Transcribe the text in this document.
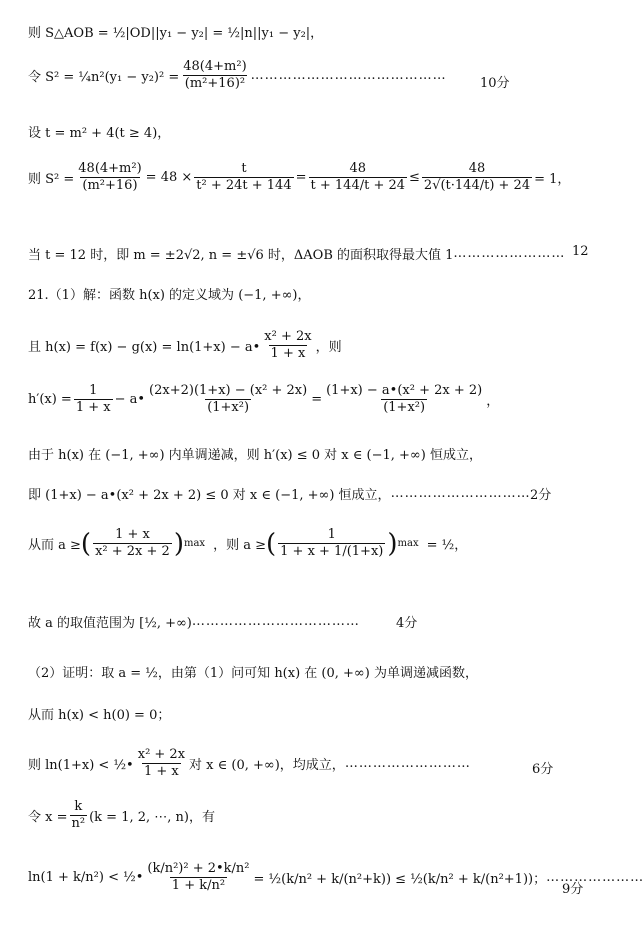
则 S△AOB = ½|OD||y₁ − y₂| = ½|n||y₁ − y₂|，
令 S² = ¼n²(y₁ − $y_2)^2 = \frac{\text{48(4+m²)}}{\text{(m²+16)²}}$ ……………………………………
10分
设 t = m² + 4(t ≥ 4)，
则 $S^2 = \frac{\text{48(4+m²)}}{\text{(m²+16)}} = 48 \times \frac{t}{\text{t² + 24t + 144}} = \frac{48}{t + 144/t + 24} \le \frac{48}{2√(t\cdot 144/t) + 24} = 1$，
当 t = 12 时，即 m = ±2√2, n = ±√6 时，ΔAOB 的面积取得最大值 1 …………………… 12
21.（1）解：函数 h(x) 的定义域为 (−1, +∞)，
且 h(x) = f(x) − g(x) = ln(1+x) − a• $\frac{\text{x² + 2x}}{1 + x}$ ，则
$h'(x) = \frac{1}{1 + x}$ − a• $\frac{\text{(2x+2)(1+x) − (x² + 2x)}}{\text{(1+x²)}} = \frac{\text{(1+x) − a•(x² + 2x + 2)}}{\text{(1+x²)}}$ ，
由于 h(x) 在 (−1, +∞) 内单调递减，则 h′(x) ≤ 0 对 x ∈ (−1, +∞) 恒成立，
即 (1+x) − a•(x² + 2x + 2) ≤ 0 对 x ∈ (−1, +∞) 恒成立， ………………………… 2分
从而 a ≥ ( $\frac{1 + x}{\text{x² + 2x + 2}}$ ) max ，则 a ≥ ( $\frac{1}{1 + x + 1/(1+x)}$ ) max = ½，
故 a 的取值范围为 [½, +∞) ………………………………	4分
（2）证明：取 a = ½，由第（1）问可知 h(x) 在 (0, +∞) 为单调递减函数，
从而 h(x) < h(0) = 0；
则 ln(1+x) < ½• $\frac{\text{x² + 2x}}{1 + x}$ 对 x ∈ (0, +∞)，均成立， ………………………	6分
令 $x = \frac{k}{\text{n²}} (k = 1$, 2, ⋯, n)，有
ln(1 + k/n²) < ½• $\frac{\text{(k/n²)² + 2•k/n²}}{\text{1 + k/n²}}$ = ½(k/n² + k/(n²+k)) ≤ ½(k/n² + k/(n²+1))； …………………
9分
